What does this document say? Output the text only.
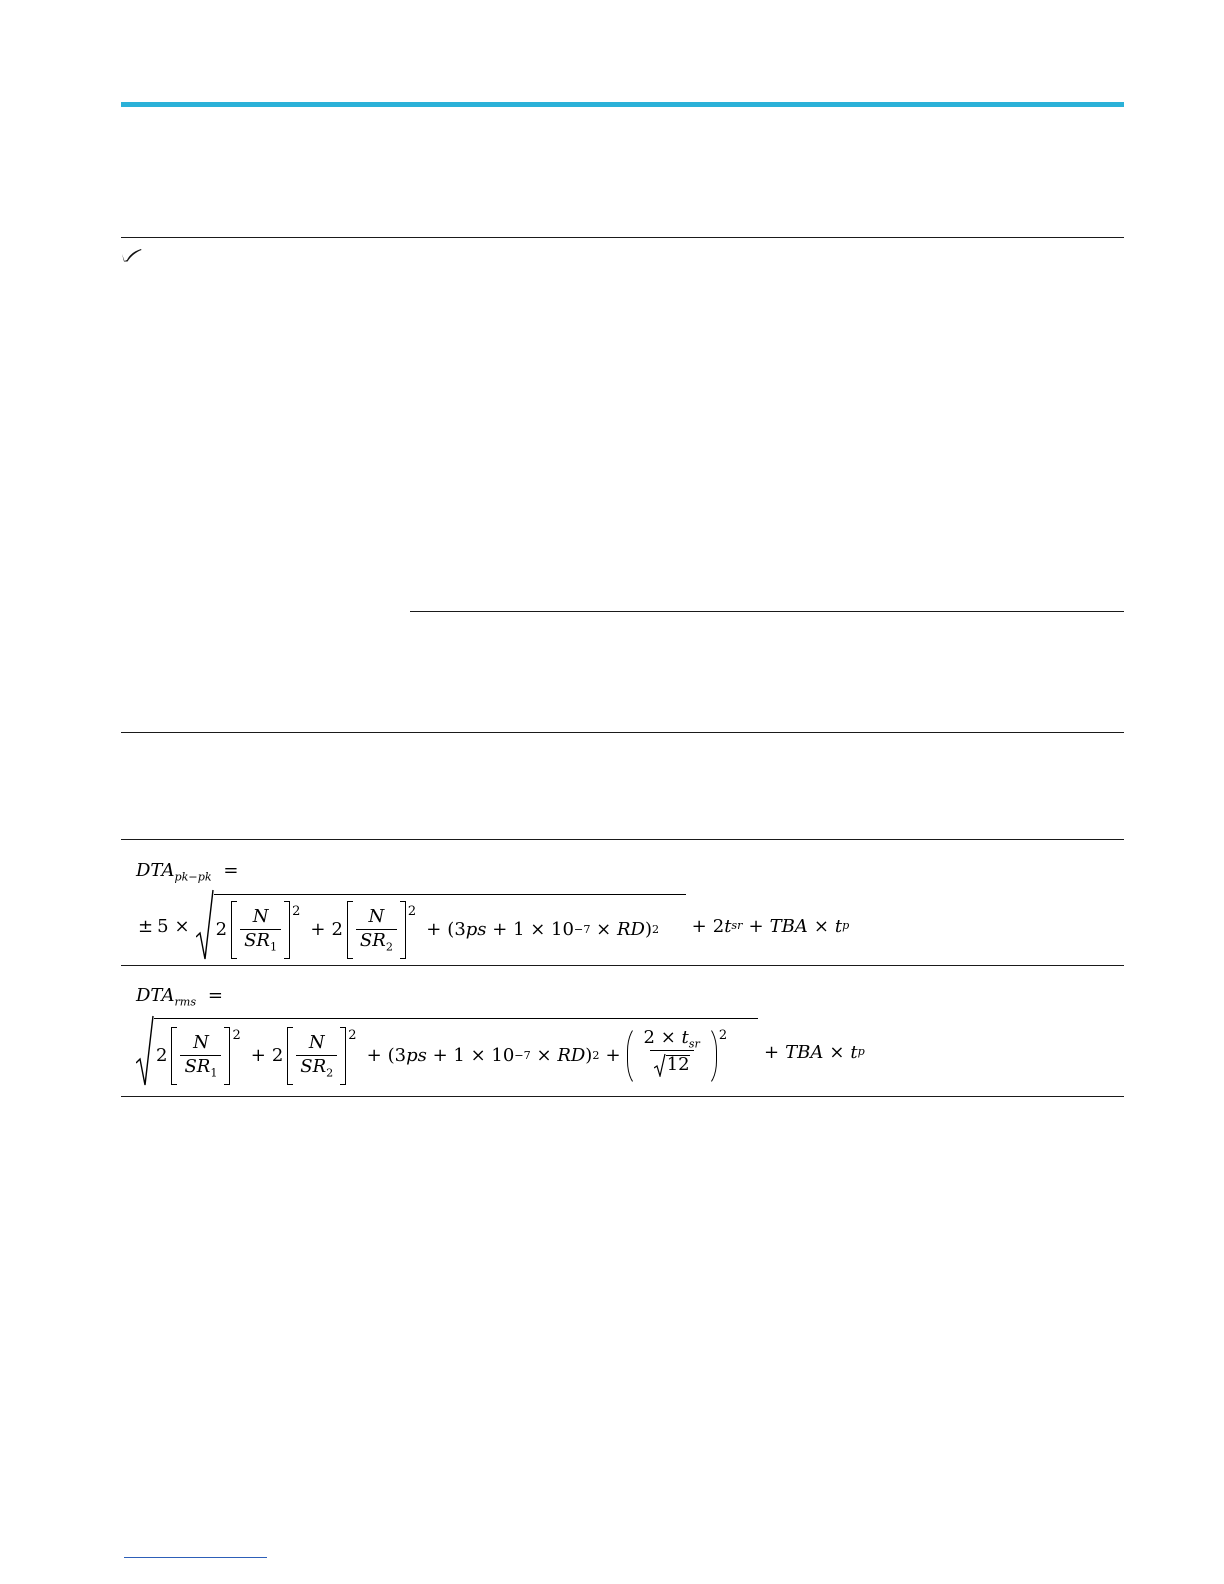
$DTA_{pk-pk}$ =
± $5 \times 2 \frac{N}{SR_1} 2$
+ $2 \frac{N}{SR_2} 2$
+ (3 ps + 1 × 10 −7 × RD ) 2 + 2 t sr + TBA × t p
$DTA_{rms}$ =
$2 \frac{N}{SR_1} 2$
+ $2 \frac{N}{SR_2} 2$
+ (3 ps + 1 × 10 −7 × RD ) $2 + \frac{2 \times t_{sr}}{12} 2$
+ TBA × t p
